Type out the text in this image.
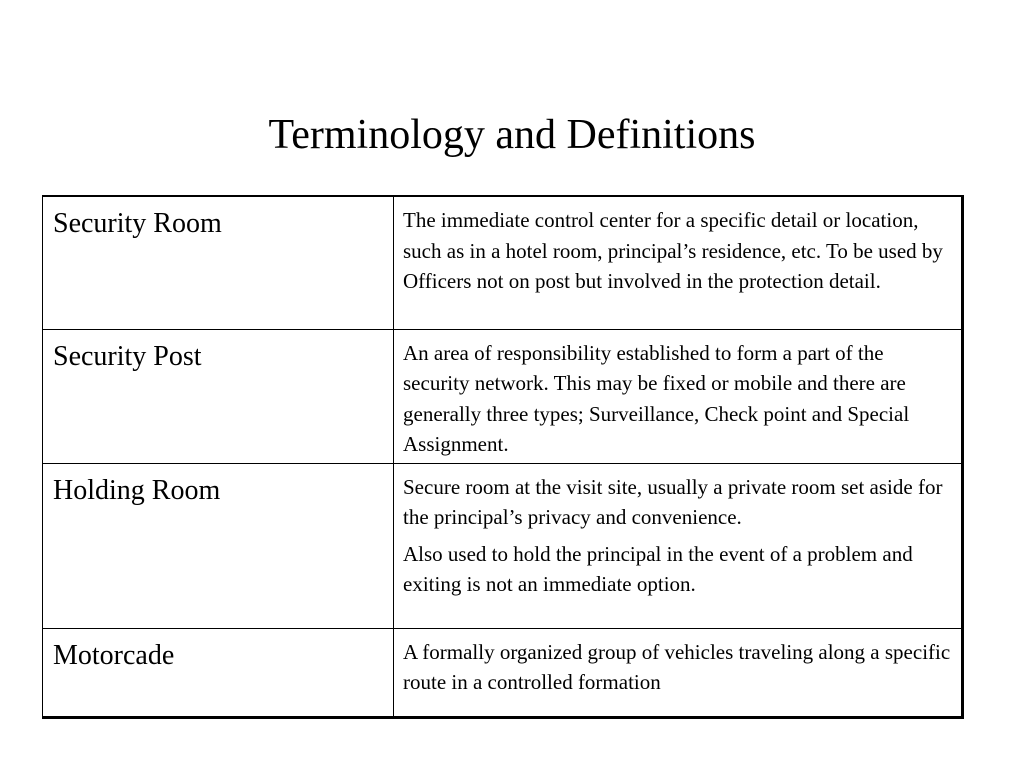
Terminology and Definitions
Security Room	The immediate control center for a specific detail or location, such as in a hotel room, principal’s residence, etc. To be used by Officers not on post but involved in the protection detail.

Security Post	An area of responsibility established to form a part of the security network. This may be fixed or mobile and there are generally three types; Surveillance, Check point and Special Assignment.

Holding Room	Secure room at the visit site, usually a private room set aside for the principal’s privacy and convenience.
Also used to hold the principal in the event of a problem and exiting is not an immediate option.

Motorcade	A formally organized group of vehicles traveling along a specific route in a controlled formation
